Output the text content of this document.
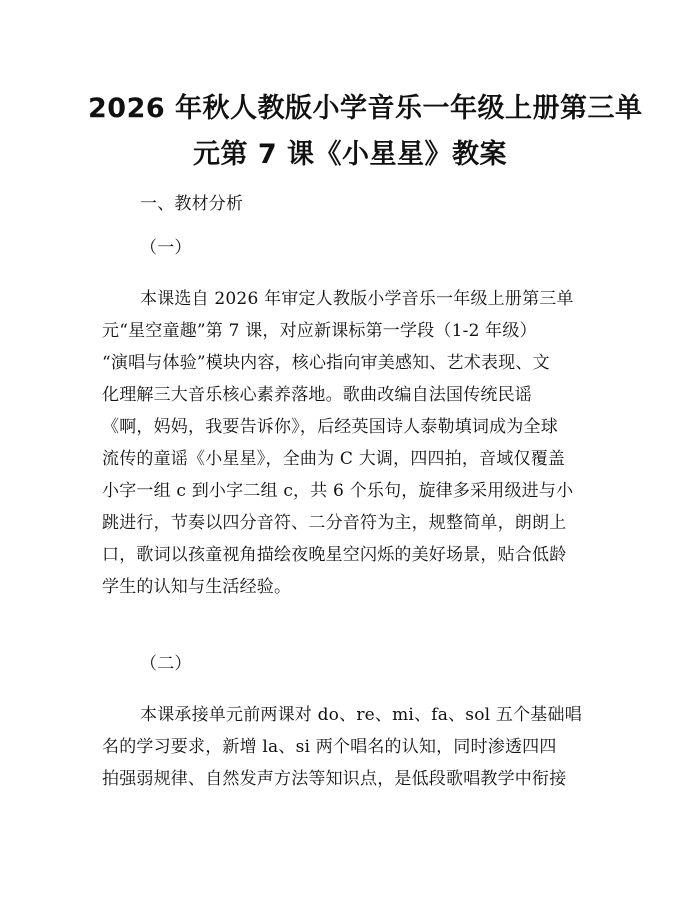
2026 年秋人教版小学音乐一年级上册第三单
元第 7 课《小星星》教案
一、教材分析
（一）
本课选自 2026 年审定人教版小学音乐一年级上册第三单
元“星空童趣”第 7 课，对应新课标第一学段（1-2 年级）
“演唱与体验”模块内容，核心指向审美感知、艺术表现、文
化理解三大音乐核心素养落地。歌曲改编自法国传统民谣
《啊，妈妈，我要告诉你》，后经英国诗人泰勒填词成为全球
流传的童谣《小星星》，全曲为 C 大调，四四拍，音域仅覆盖
小字一组 c 到小字二组 c，共 6 个乐句，旋律多采用级进与小
跳进行，节奏以四分音符、二分音符为主，规整简单，朗朗上
口，歌词以孩童视角描绘夜晚星空闪烁的美好场景，贴合低龄
学生的认知与生活经验。
（二）
本课承接单元前两课对 do、re、mi、fa、sol 五个基础唱
名的学习要求，新增 la、si 两个唱名的认知，同时渗透四四
拍强弱规律、自然发声方法等知识点，是低段歌唱教学中衔接
